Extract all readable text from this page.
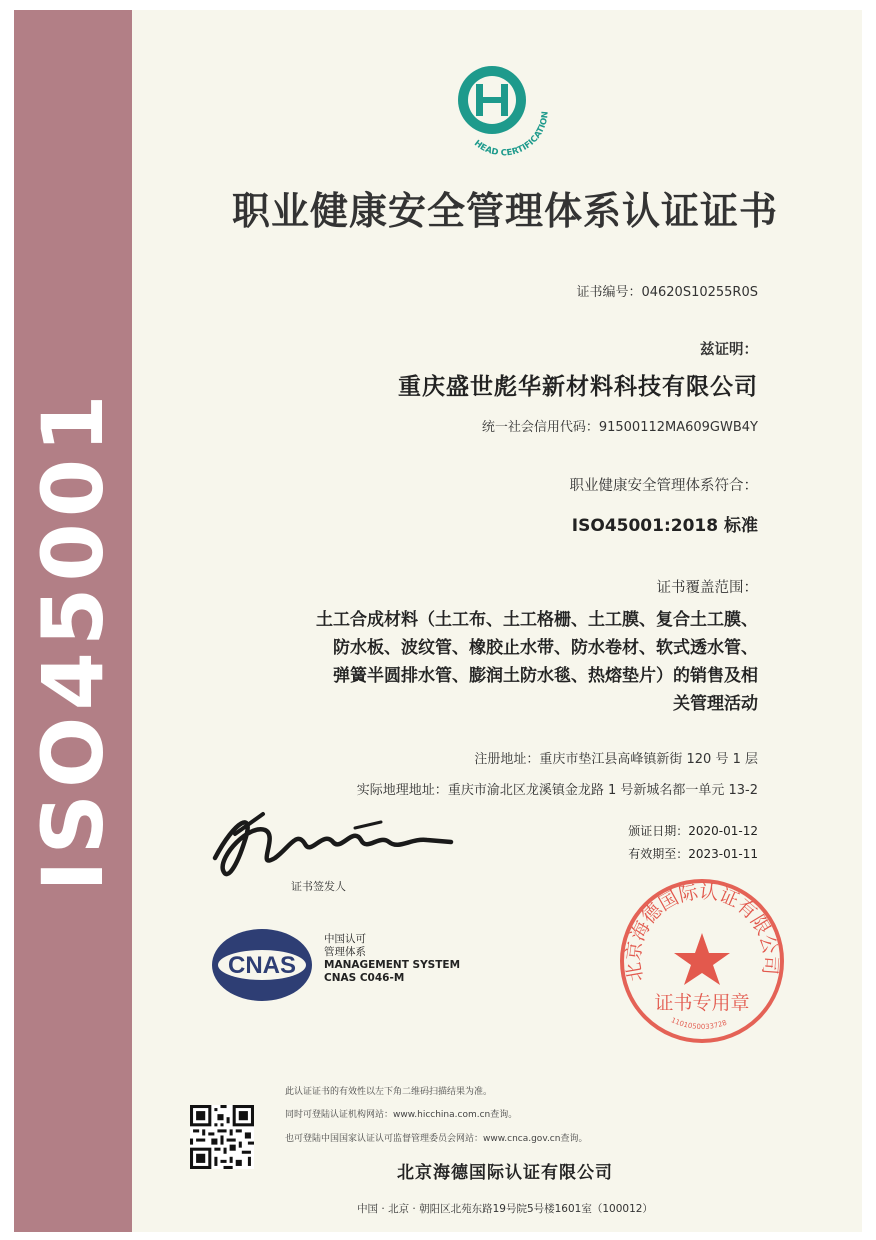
ISO45001
HEAD CERTIFICATION
职业健康安全管理体系认证证书
证书编号：04620S10255R0S
兹证明：
重庆盛世彪华新材料科技有限公司
统一社会信用代码：91500112MA609GWB4Y
职业健康安全管理体系符合：
ISO45001:2018 标准
证书覆盖范围：
土工合成材料（土工布、土工格栅、土工膜、复合土工膜、
防水板、波纹管、橡胶止水带、防水卷材、软式透水管、
弹簧半圆排水管、膨润土防水毯、热熔垫片）的销售及相
关管理活动
注册地址：重庆市垫江县高峰镇新街 120 号 1 层
实际地理地址：重庆市渝北区龙溪镇金龙路 1 号新城名都一单元 13-2
颁证日期：2020-01-12
有效期至：2023-01-11
证书签发人
CNAS
中国认可
管理体系
MANAGEMENT SYSTEM
CNAS C046-M	北京海德国际认证有限公司
证书专用章
1101050033728
此认证证书的有效性以左下角二维码扫描结果为准。
同时可登陆认证机构网站：www.hicchina.com.cn查询。
也可登陆中国国家认证认可监督管理委员会网站：www.cnca.gov.cn查询。
北京海德国际认证有限公司
中国 · 北京 · 朝阳区北苑东路19号院5号楼1601室（100012）
